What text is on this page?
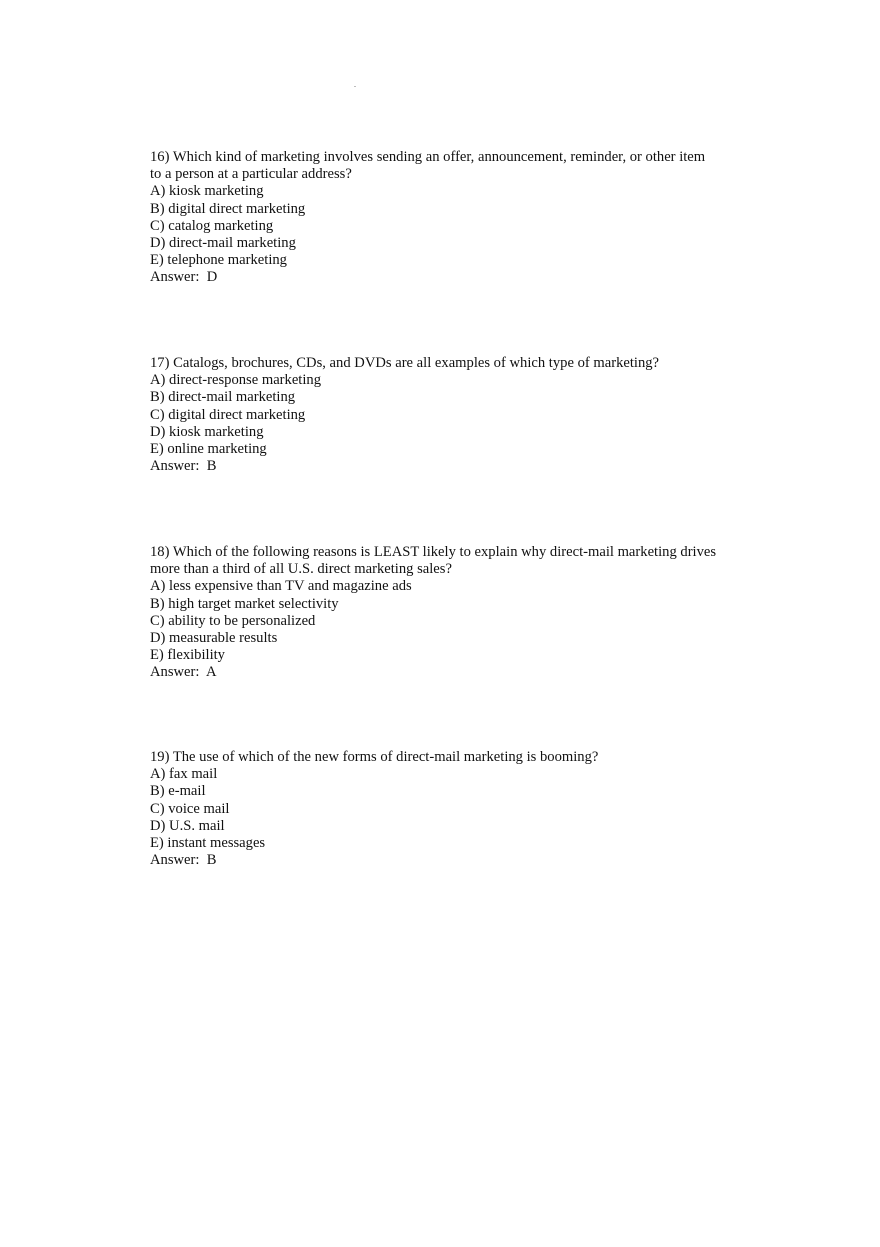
16) Which kind of marketing involves sending an offer, announcement, reminder, or other item
to a person at a particular address?
A) kiosk marketing
B) digital direct marketing
C) catalog marketing
D) direct-mail marketing
E) telephone marketing
Answer: D
17) Catalogs, brochures, CDs, and DVDs are all examples of which type of marketing?
A) direct-response marketing
B) direct-mail marketing
C) digital direct marketing
D) kiosk marketing
E) online marketing
Answer: B
18) Which of the following reasons is LEAST likely to explain why direct-mail marketing drives
more than a third of all U.S. direct marketing sales?
A) less expensive than TV and magazine ads
B) high target market selectivity
C) ability to be personalized
D) measurable results
E) flexibility
Answer: A
19) The use of which of the new forms of direct-mail marketing is booming?
A) fax mail
B) e-mail
C) voice mail
D) U.S. mail
E) instant messages
Answer: B
